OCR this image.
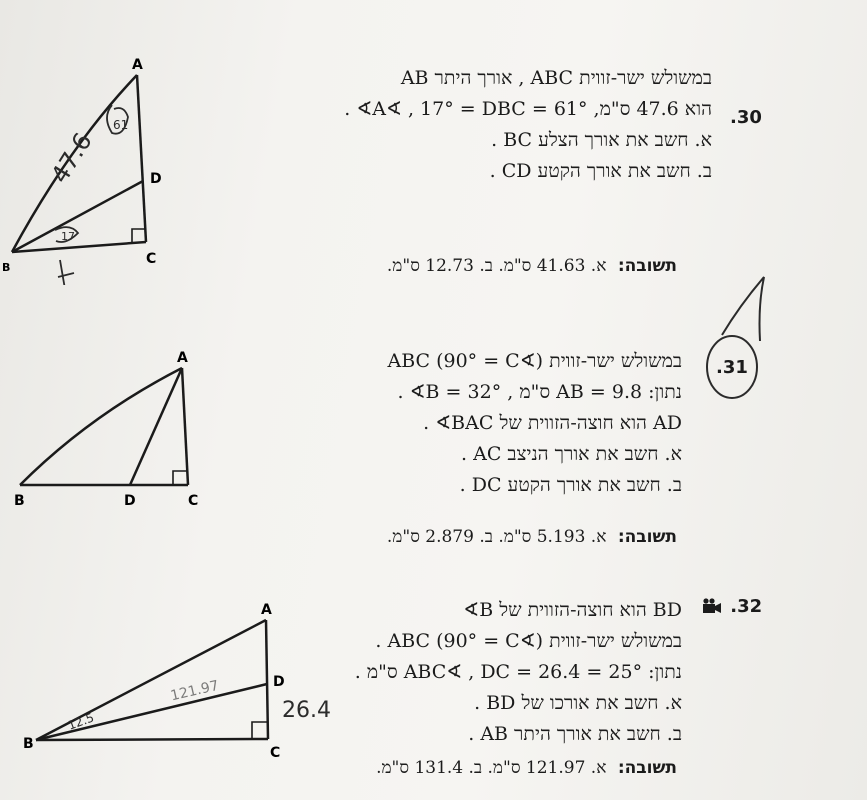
A
B
C
D
47.6
61
17
.30
במשולש ישר-זווית ABC , אורך היתר AB
הוא 47.6 ס"מ, 61° = A∢ , 17° = DBC∢ .
א. חשב את אורך הצלע BC .
ב. חשב את אורך הקטע CD .
תשובה: א. 41.63 ס"מ. ב. 12.73 ס"מ.
A
B	C
D
.31
במשולש ישר-זווית ABC (90° = C∢)
נתון: AB = 9.8 ס"מ , 32° = B∢ .
AD הוא חוצה-הזווית של BAC∢ .
א. חשב את אורך הניצב AC .
ב. חשב את אורך הקטע DC .
תשובה: א. 5.193 ס"מ. ב. 2.879 ס"מ.
A
B
C
D
26.4
121.97
12.5
.32
BD הוא חוצה-הזווית של B∢
במשולש ישר-זווית ABC (90° = C∢) .
נתון: 25° = ABC∢ , DC = 26.4 ס"מ .
א. חשב את אורכו של BD .
ב. חשב את אורך היתר AB .
תשובה: א. 121.97 ס"מ. ב. 131.4 ס"מ.
